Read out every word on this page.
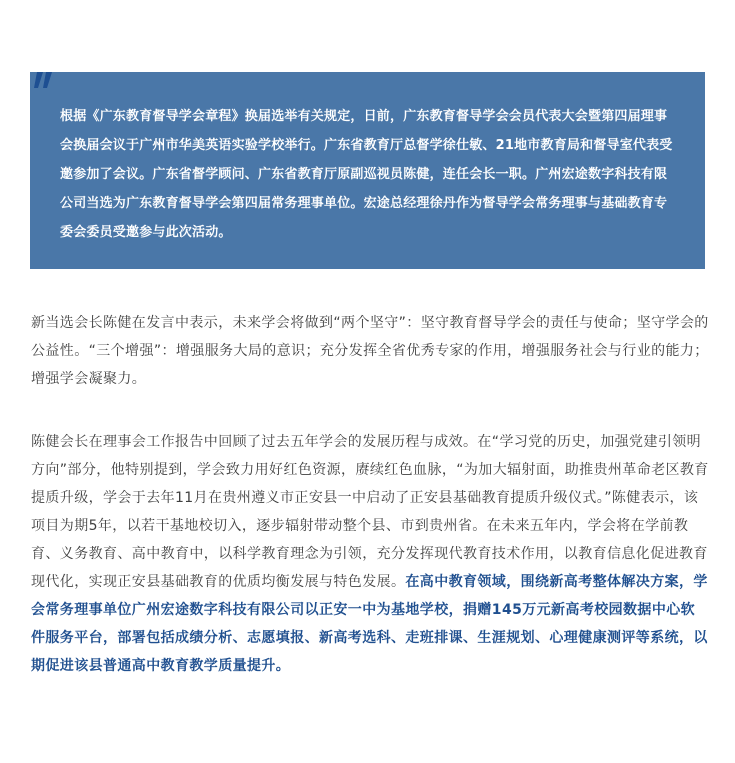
根据《广东教育督导学会章程》换届选举有关规定，日前，广东教育督导学会会员代表大会暨第四届理事会换届会议于广州市华美英语实验学校举行。广东省教育厅总督学徐仕敏、21地市教育局和督导室代表受邀参加了会议。广东省督学顾问、广东省教育厅原副巡视员陈健，连任会长一职。广州宏途数字科技有限公司当选为广东教育督导学会第四届常务理事单位。宏途总经理徐丹作为督导学会常务理事与基础教育专委会委员受邀参与此次活动。

新当选会长陈健在发言中表示，未来学会将做到“两个坚守”：坚守教育督导学会的责任与使命；坚守学会的公益性。“三个增强”：增强服务大局的意识；充分发挥全省优秀专家的作用，增强服务社会与行业的能力；增强学会凝聚力。

陈健会长在理事会工作报告中回顾了过去五年学会的发展历程与成效。在“学习党的历史，加强党建引领明方向”部分，他特别提到，学会致力用好红色资源，赓续红色血脉，“为加大辐射面，助推贵州革命老区教育提质升级，学会于去年11月在贵州遵义市正安县一中启动了正安县基础教育提质升级仪式。”陈健表示，该项目为期5年，以若干基地校切入，逐步辐射带动整个县、市到贵州省。在未来五年内，学会将在学前教育、义务教育、高中教育中，以科学教育理念为引领，充分发挥现代教育技术作用，以教育信息化促进教育现代化，实现正安县基础教育的优质均衡发展与特色发展。在高中教育领域，围绕新高考整体解决方案，学会常务理事单位广州宏途数字科技有限公司以正安一中为基地学校，捐赠145万元新高考校园数据中心软件服务平台，部署包括成绩分析、志愿填报、新高考选科、走班排课、生涯规划、心理健康测评等系统，以期促进该县普通高中教育教学质量提升。
